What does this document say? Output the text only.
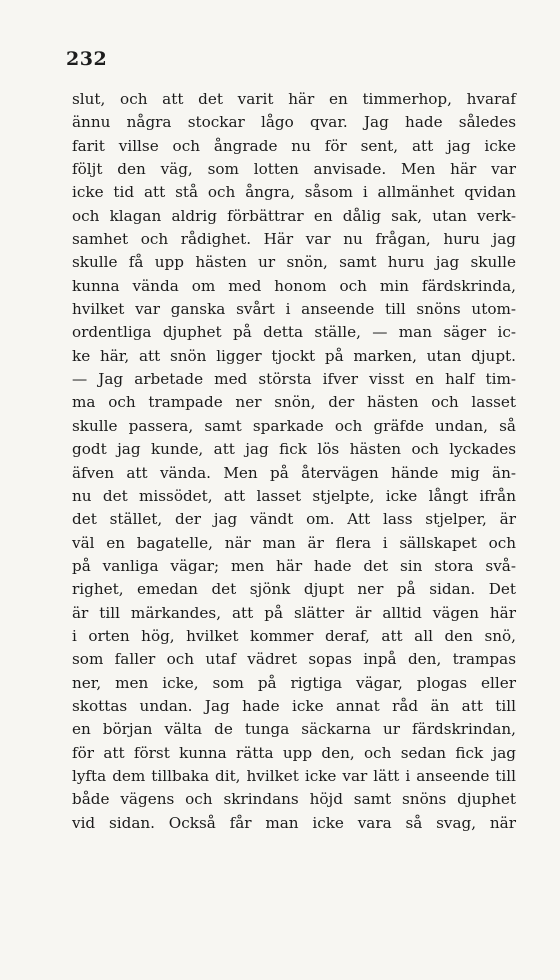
232
slut, och att det varit här en timmerhop, hvaraf
ännu några stockar lågo qvar. Jag hade således
farit villse och ångrade nu för sent, att jag icke
följt den väg, som lotten anvisade. Men här var
icke tid att stå och ångra, såsom i allmänhet qvidan
och klagan aldrig förbättrar en dålig sak, utan verk-
samhet och rådighet. Här var nu frågan, huru jag
skulle få upp hästen ur snön, samt huru jag skulle
kunna vända om med honom och min färdskrinda,
hvilket var ganska svårt i anseende till snöns utom-
ordentliga djuphet på detta ställe, — man säger ic-
ke här, att snön ligger tjockt på marken, utan djupt.
— Jag arbetade med största ifver visst en half tim-
ma och trampade ner snön, der hästen och lasset
skulle passera, samt sparkade och gräfde undan, så
godt jag kunde, att jag fick lös hästen och lyckades
äfven att vända. Men på återvägen hände mig än-
nu det missödet, att lasset stjelpte, icke långt ifrån
det stället, der jag vändt om. Att lass stjelper, är
väl en bagatelle, när man är flera i sällskapet och
på vanliga vägar; men här hade det sin stora svå-
righet, emedan det sjönk djupt ner på sidan. Det
är till märkandes, att på slätter är alltid vägen här
i orten hög, hvilket kommer deraf, att all den snö,
som faller och utaf vädret sopas inpå den, trampas
ner, men icke, som på rigtiga vägar, plogas eller
skottas undan. Jag hade icke annat råd än att till
en början välta de tunga säckarna ur färdskrindan,
för att först kunna rätta upp den, och sedan fick jag
lyfta dem tillbaka dit, hvilket icke var lätt i anseende till
både vägens och skrindans höjd samt snöns djuphet
vid sidan. Också får man icke vara så svag, när
